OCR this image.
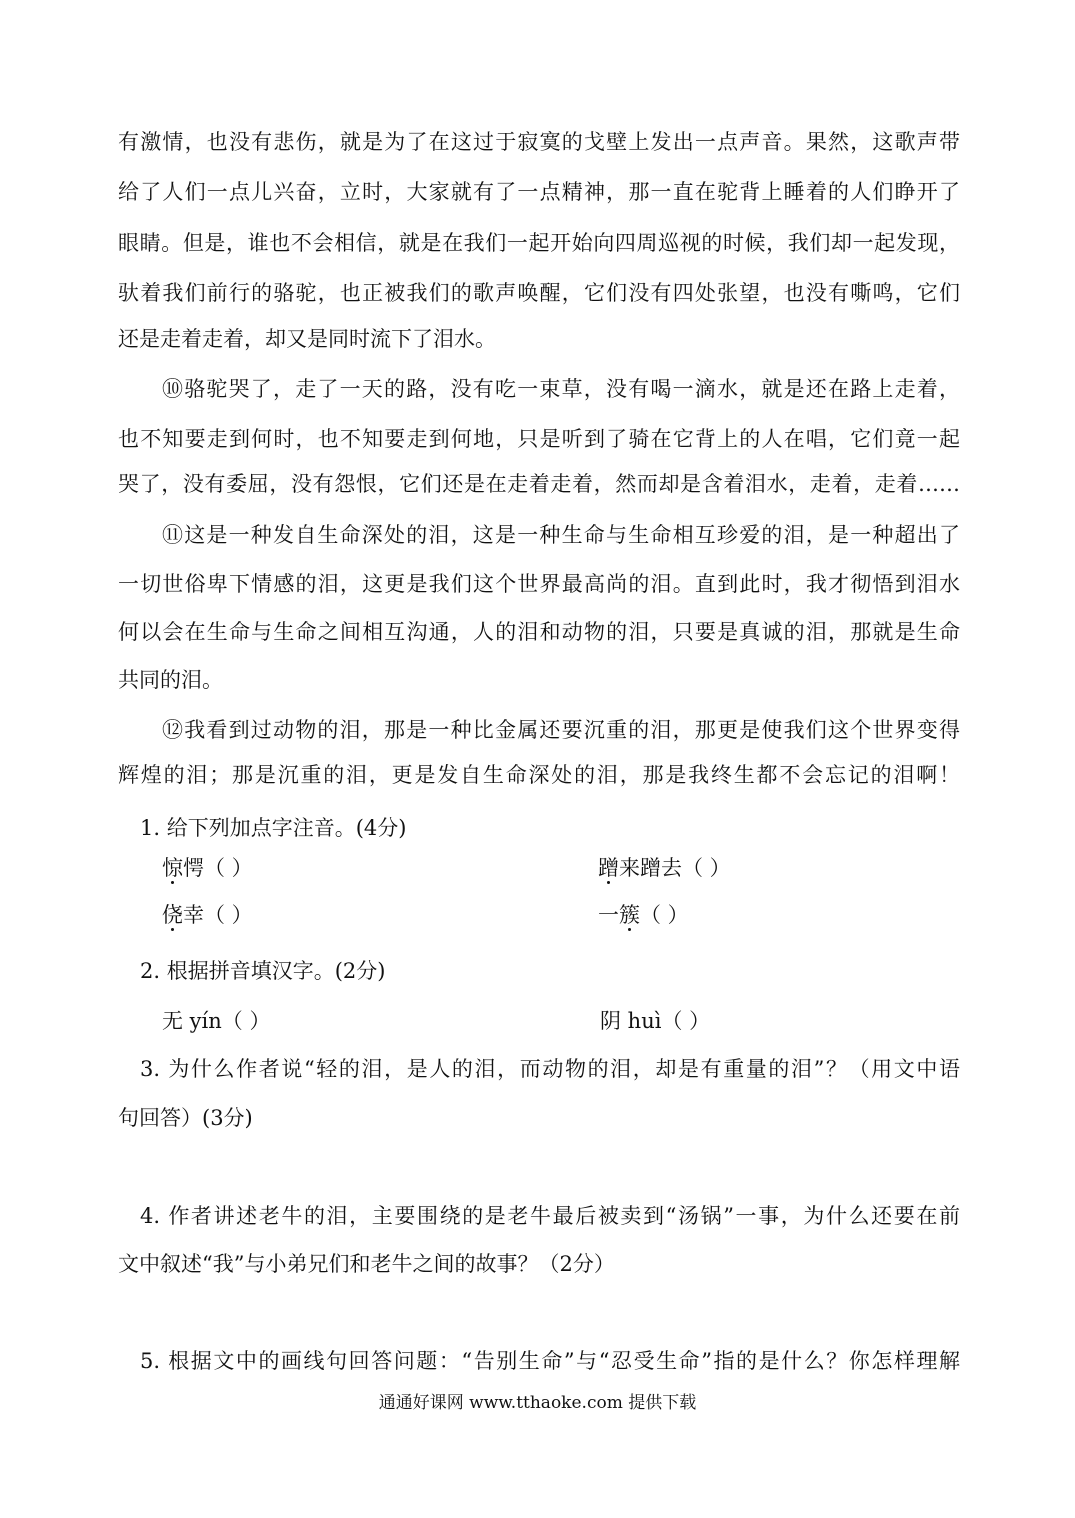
有激情，也没有悲伤，就是为了在这过于寂寞的戈壁上发出一点声音。果然，这歌声带
给了人们一点儿兴奋，立时，大家就有了一点精神，那一直在驼背上睡着的人们睁开了
眼睛。但是，谁也不会相信，就是在我们一起开始向四周巡视的时候，我们却一起发现，
驮着我们前行的骆驼，也正被我们的歌声唤醒，它们没有四处张望，也没有嘶鸣，它们
还是走着走着，却又是同时流下了泪水。
⑩骆驼哭了，走了一天的路，没有吃一束草，没有喝一滴水，就是还在路上走着，
也不知要走到何时，也不知要走到何地，只是听到了骑在它背上的人在唱，它们竟一起
哭了，没有委屈，没有怨恨，它们还是在走着走着，然而却是含着泪水，走着，走着……
⑪这是一种发自生命深处的泪，这是一种生命与生命相互珍爱的泪，是一种超出了
一切世俗卑下情感的泪，这更是我们这个世界最高尚的泪。直到此时，我才彻悟到泪水
何以会在生命与生命之间相互沟通，人的泪和动物的泪，只要是真诚的泪，那就是生命
共同的泪。
⑫我看到过动物的泪，那是一种比金属还要沉重的泪，那更是使我们这个世界变得
辉煌的泪；那是沉重的泪，更是发自生命深处的泪，那是我终生都不会忘记的泪啊！
1. 给下列加点字注音。(4分)
惊愕（ ）	蹭来蹭去（ ）
侥幸（ ）	一簇（ ）
2. 根据拼音填汉字。(2分)
无 yín（ ）	阴 huì（ ）
3. 为什么作者说“轻的泪，是人的泪，而动物的泪，却是有重量的泪”？（用文中语
句回答）(3分)
4. 作者讲述老牛的泪，主要围绕的是老牛最后被卖到“汤锅”一事，为什么还要在前
文中叙述“我”与小弟兄们和老牛之间的故事？（2分）
5. 根据文中的画线句回答问题：“告别生命”与“忍受生命”指的是什么？你怎样理解
通通好课网 www.tthaoke.com 提供下载
